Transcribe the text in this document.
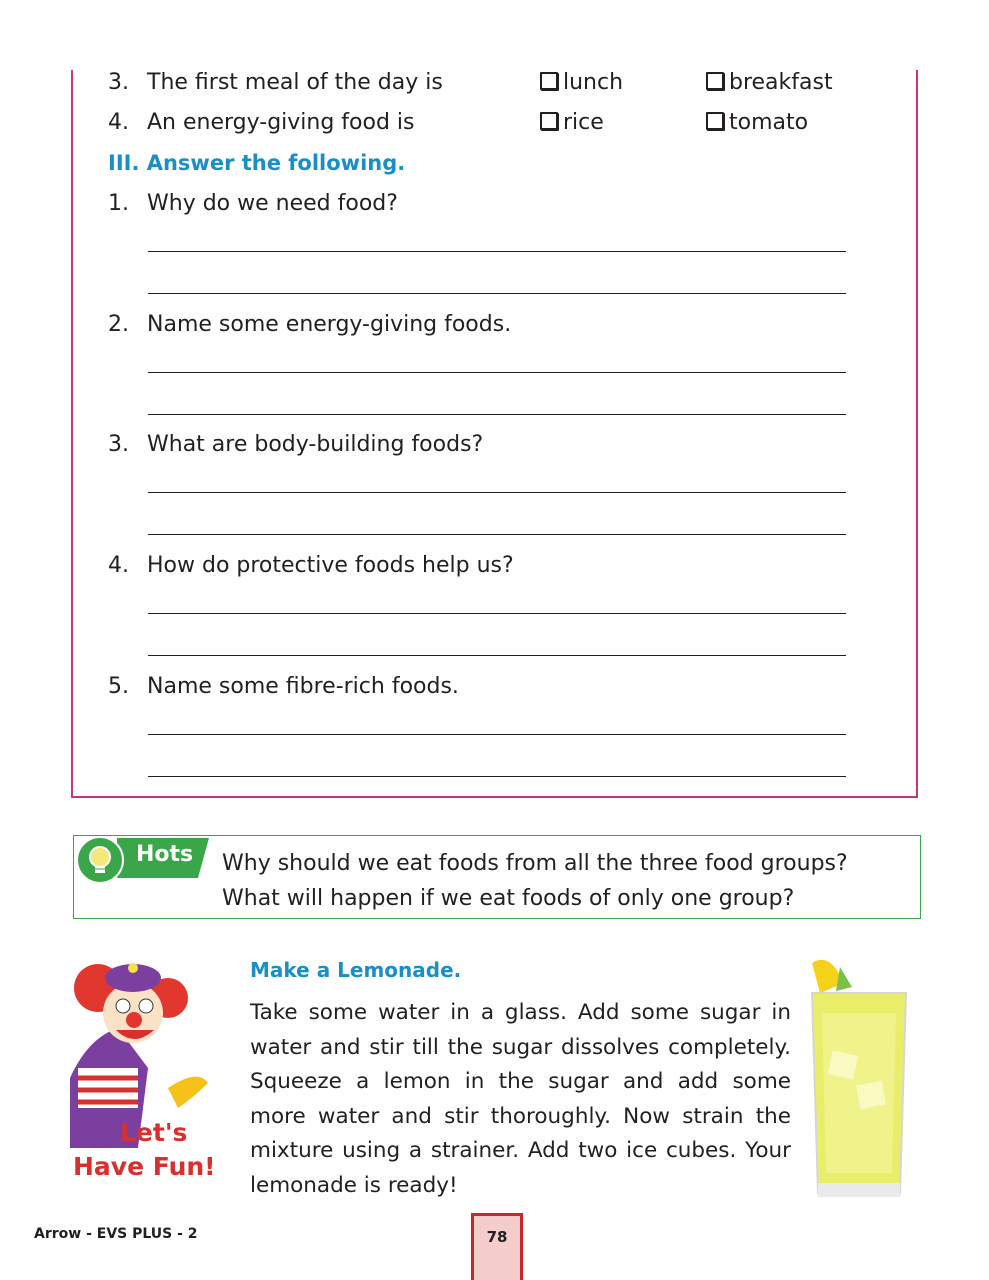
3. The first meal of the day is	lunch	breakfast
4. An energy-giving food is	rice	tomato
III. Answer the following.
1. Why do we need food?
2. Name some energy-giving foods.
3. What are body-building foods?
4. How do protective foods help us?
5. Name some fibre-rich foods.
Hots Why should we eat foods from all the three food groups? What will happen if we eat foods of only one group?
Let's
Have Fun!
Make a Lemonade.
Take some water in a glass. Add some sugar in water and stir till the sugar dissolves completely. Squeeze a lemon in the sugar and add some more water and stir thoroughly. Now strain the mixture using a strainer. Add two ice cubes. Your lemonade is ready!
Arrow - EVS PLUS - 2	78
